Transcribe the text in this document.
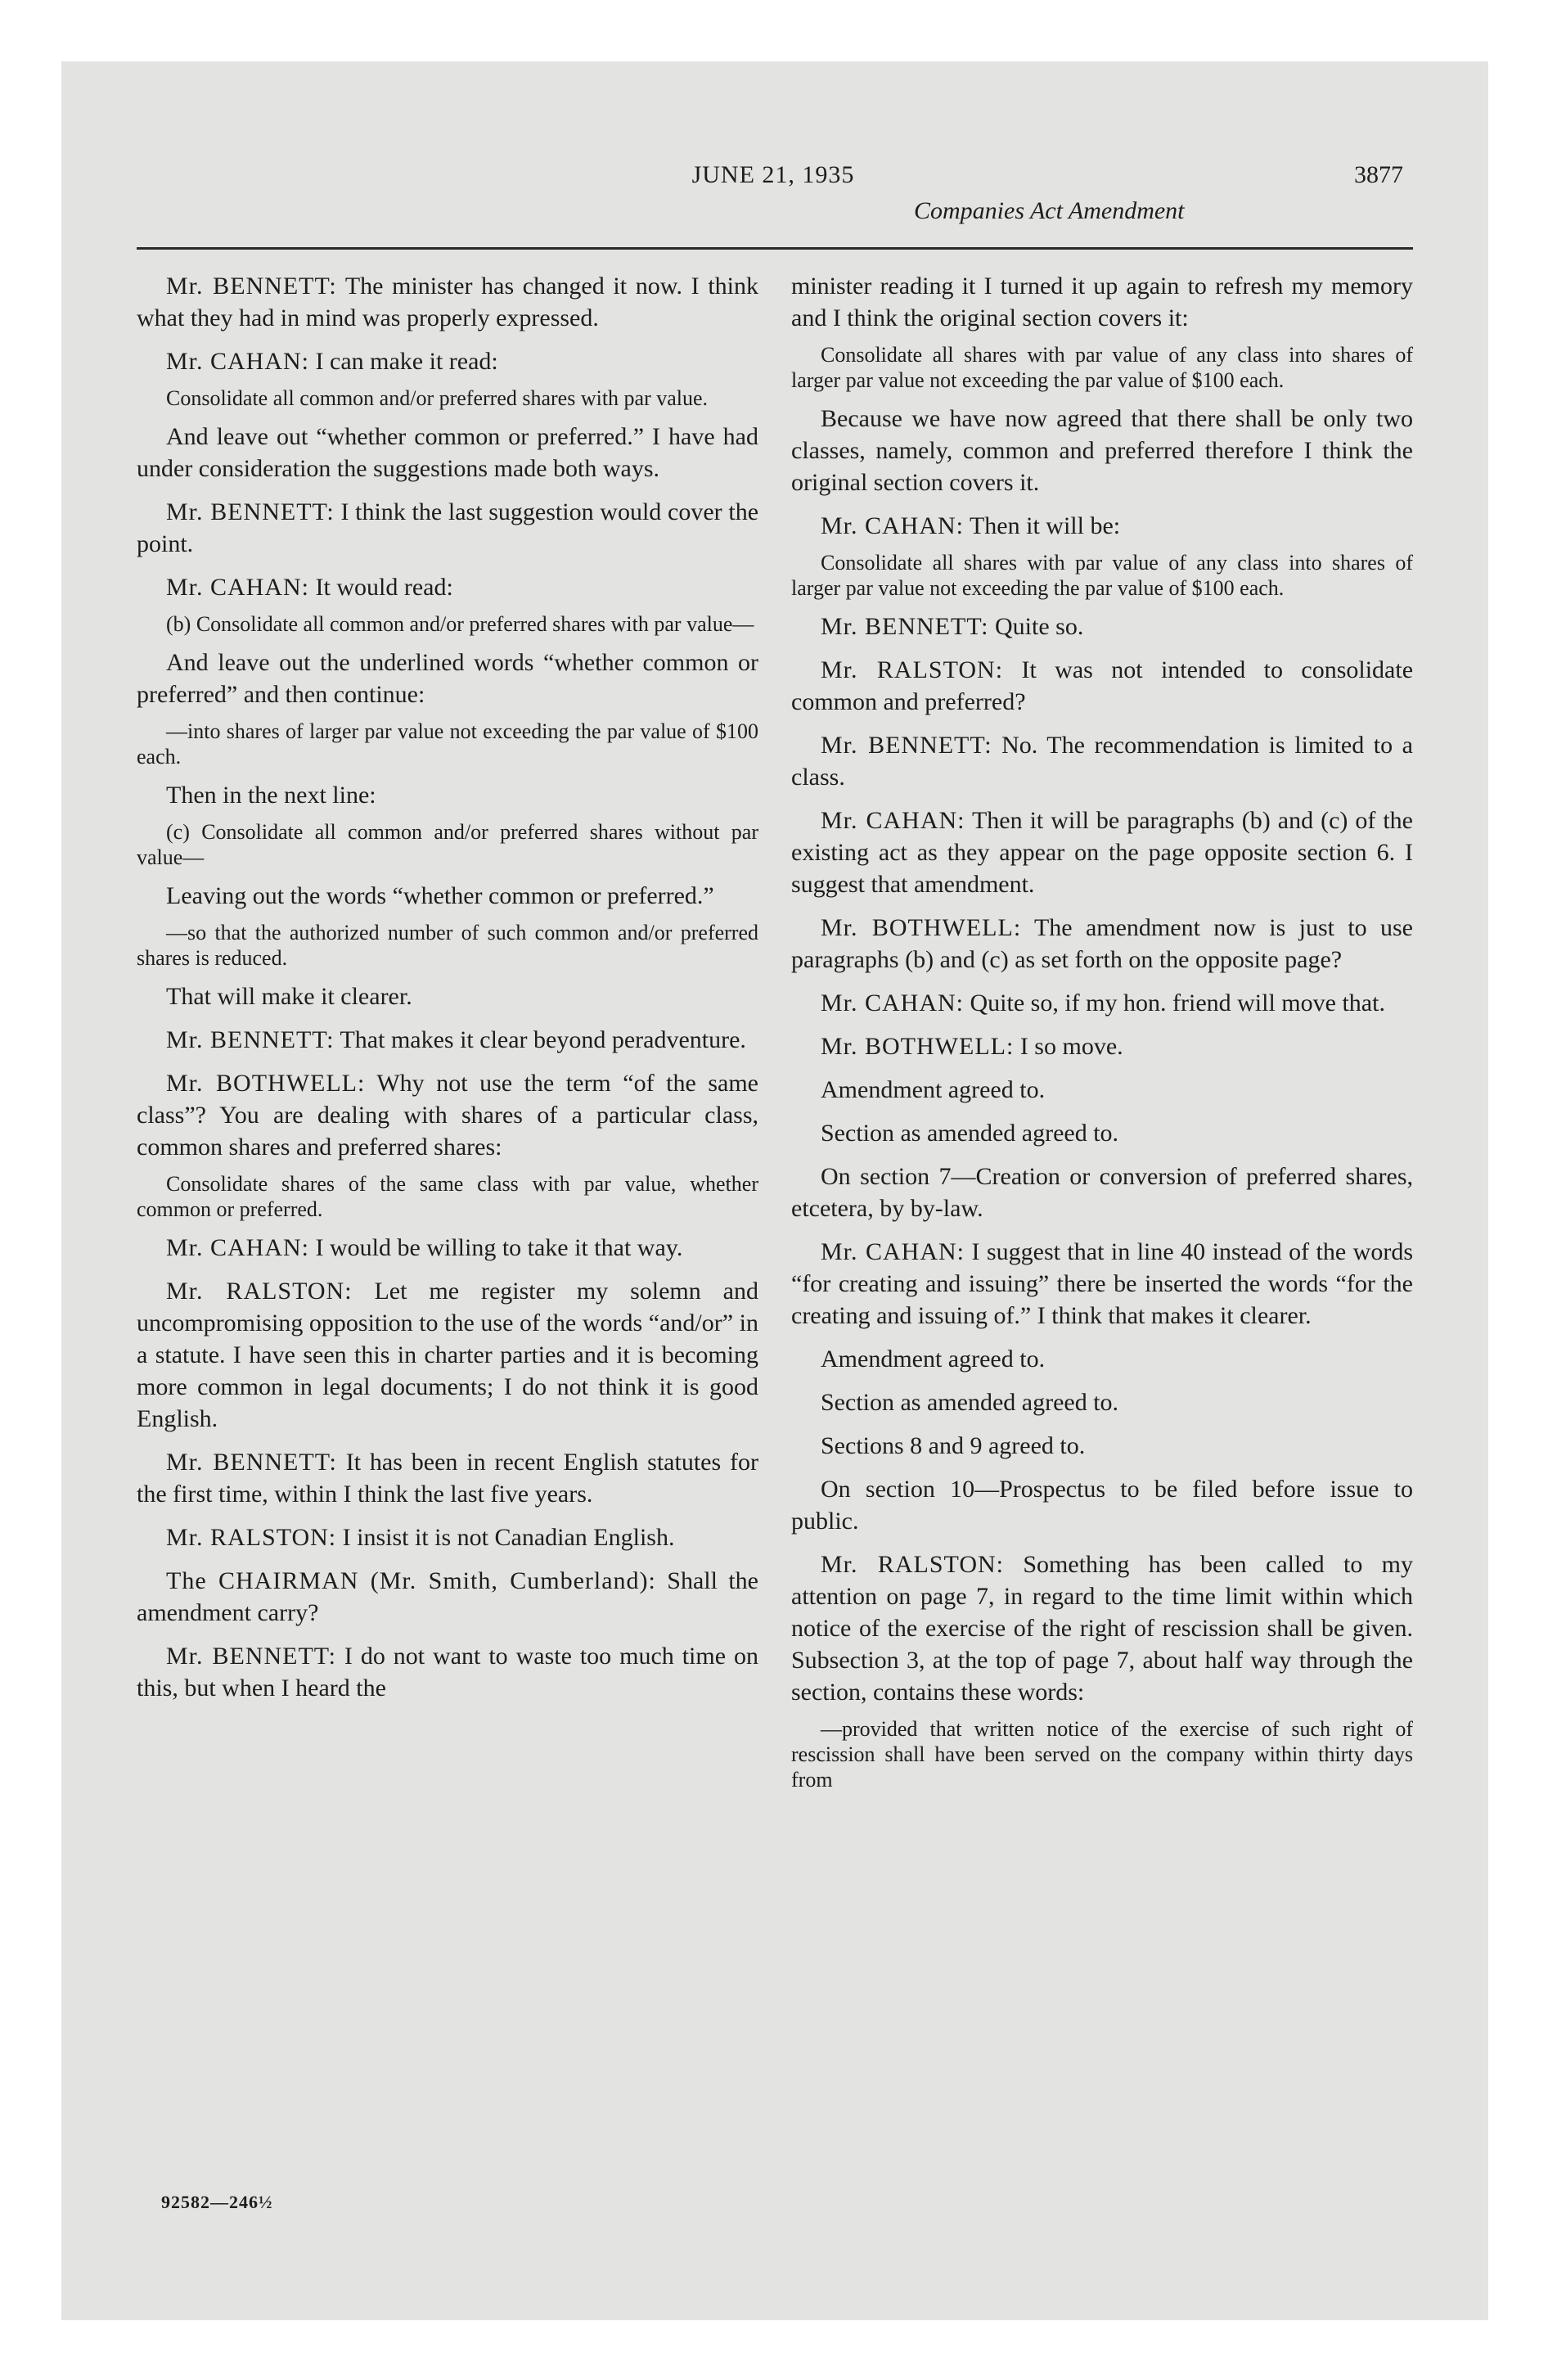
JUNE 21, 1935	3877
Companies Act Amendment

Mr. BENNETT: The minister has changed it now. I think what they had in mind was properly expressed.

Mr. CAHAN: I can make it read:

Consolidate all common and/or preferred shares with par value.

And leave out “whether common or preferred.” I have had under consideration the suggestions made both ways.

Mr. BENNETT: I think the last suggestion would cover the point.

Mr. CAHAN: It would read:

(b) Consolidate all common and/or preferred shares with par value—

And leave out the underlined words “whether common or preferred” and then continue:

—into shares of larger par value not exceeding the par value of $100 each.

Then in the next line:

(c) Consolidate all common and/or preferred shares without par value—

Leaving out the words “whether common or preferred.”

—so that the authorized number of such common and/or preferred shares is reduced.

That will make it clearer.

Mr. BENNETT: That makes it clear beyond peradventure.

Mr. BOTHWELL: Why not use the term “of the same class”? You are dealing with shares of a particular class, common shares and preferred shares:

Consolidate shares of the same class with par value, whether common or preferred.

Mr. CAHAN: I would be willing to take it that way.

Mr. RALSTON: Let me register my solemn and uncompromising opposition to the use of the words “and/or” in a statute. I have seen this in charter parties and it is becoming more common in legal documents; I do not think it is good English.

Mr. BENNETT: It has been in recent English statutes for the first time, within I think the last five years.

Mr. RALSTON: I insist it is not Canadian English.

The CHAIRMAN (Mr. Smith, Cumberland): Shall the amendment carry?

Mr. BENNETT: I do not want to waste too much time on this, but when I heard the

minister reading it I turned it up again to refresh my memory and I think the original section covers it:

Consolidate all shares with par value of any class into shares of larger par value not exceeding the par value of $100 each.

Because we have now agreed that there shall be only two classes, namely, common and preferred therefore I think the original section covers it.

Mr. CAHAN: Then it will be:

Consolidate all shares with par value of any class into shares of larger par value not exceeding the par value of $100 each.

Mr. BENNETT: Quite so.

Mr. RALSTON: It was not intended to consolidate common and preferred?

Mr. BENNETT: No. The recommendation is limited to a class.

Mr. CAHAN: Then it will be paragraphs (b) and (c) of the existing act as they appear on the page opposite section 6. I suggest that amendment.

Mr. BOTHWELL: The amendment now is just to use paragraphs (b) and (c) as set forth on the opposite page?

Mr. CAHAN: Quite so, if my hon. friend will move that.

Mr. BOTHWELL: I so move.

Amendment agreed to.

Section as amended agreed to.

On section 7—Creation or conversion of preferred shares, etcetera, by by-law.

Mr. CAHAN: I suggest that in line 40 instead of the words “for creating and issuing” there be inserted the words “for the creating and issuing of.” I think that makes it clearer.

Amendment agreed to.

Section as amended agreed to.

Sections 8 and 9 agreed to.

On section 10—Prospectus to be filed before issue to public.

Mr. RALSTON: Something has been called to my attention on page 7, in regard to the time limit within which notice of the exercise of the right of rescission shall be given. Subsection 3, at the top of page 7, about half way through the section, contains these words:

—provided that written notice of the exercise of such right of rescission shall have been served on the company within thirty days from

92582—246½
